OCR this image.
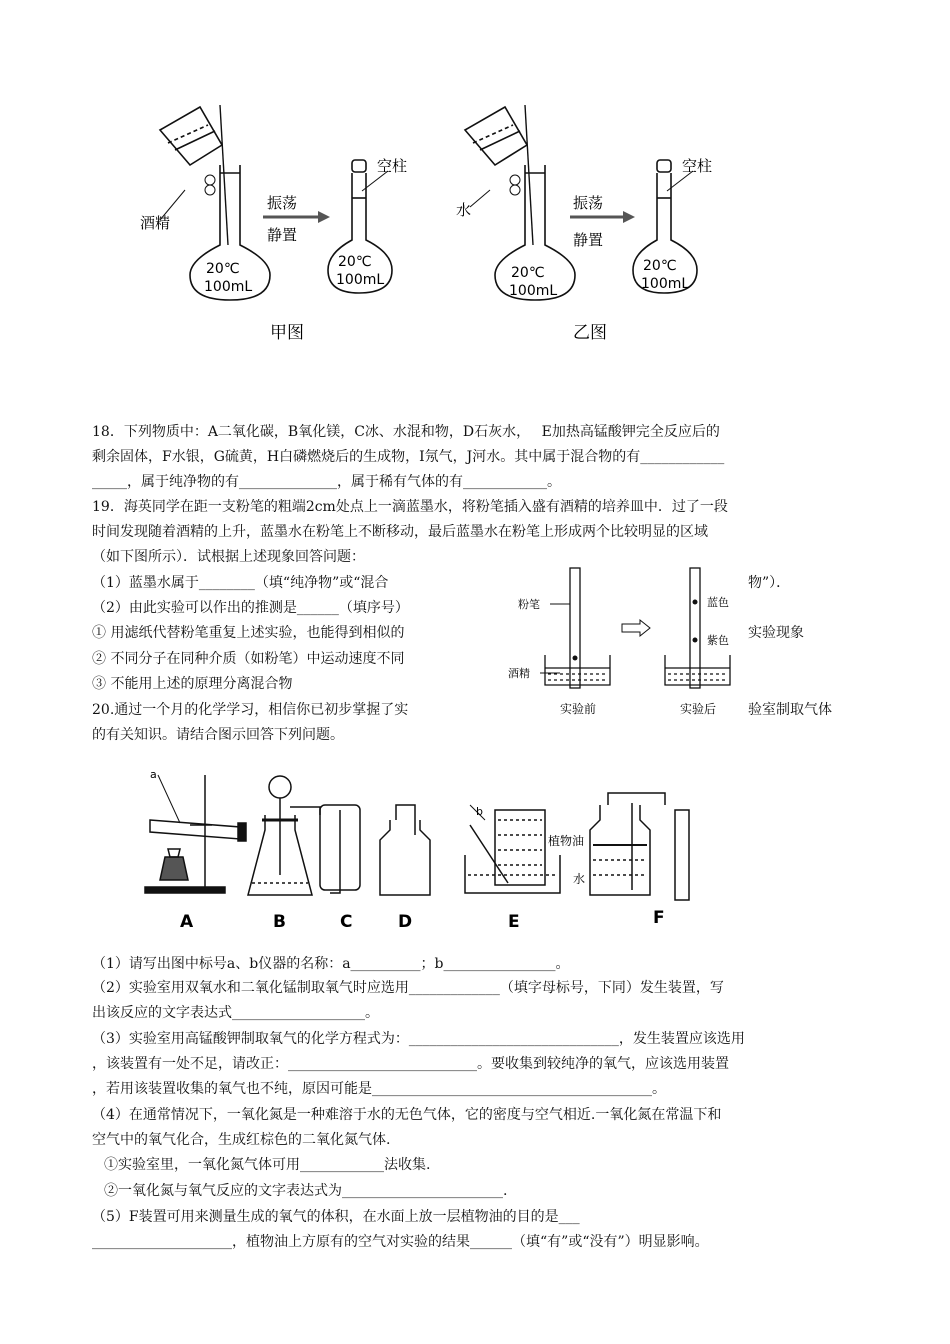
酒精
20℃
100mL
振荡
静置
空柱
20℃
100mL
甲图
水
20℃
100mL
振荡
静置
空柱
20℃
100mL
乙图
18．下列物质中：A二氧化碳，B氧化镁，C冰、水混和物，D石灰水，　 E加热高锰酸钾完全反应后的
剩余固体，F水银，G硫黄，H白磷燃烧后的生成物，I氖气，J河水。其中属于混合物的有____________
_____，属于纯净物的有______________，属于稀有气体的有____________。
19．海英同学在距一支粉笔的粗端2cm处点上一滴蓝墨水，将粉笔插入盛有酒精的培养皿中．过了一段
时间发现随着酒精的上升，蓝墨水在粉笔上不断移动，最后蓝墨水在粉笔上形成两个比较明显的区域
（如下图所示）．试根据上述现象回答问题：
（1）蓝墨水属于________（填“纯净物”或“混合	物”）．
（2）由此实验可以作出的推测是______（填序号）
① 用滤纸代替粉笔重复上述实验，也能得到相似的	实验现象
② 不同分子在同种介质（如粉笔）中运动速度不同
③ 不能用上述的原理分离混合物
粉笔
酒精
实验前
蓝色
紫色
实验后
20.通过一个月的化学学习，相信你已初步掌握了实	验室制取气体
的有关知识。请结合图示回答下列问题。
a
b
植物油
水
A	B	C	D	E	F
（1）请写出图中标号a、b仪器的名称：a__________；b________________。
（2）实验室用双氧水和二氧化锰制取氧气时应选用_____________（填字母标号，下同）发生装置，写
出该反应的文字表达式___________________。
（3）实验室用高锰酸钾制取氧气的化学方程式为：______________________________，发生装置应该选用
，该装置有一处不足，请改正：___________________________。要收集到较纯净的氧气，应该选用装置
，若用该装置收集的氧气也不纯，原因可能是________________________________________。
（4）在通常情况下，一氧化氮是一种难溶于水的无色气体，它的密度与空气相近.一氧化氮在常温下和
空气中的氧气化合，生成红棕色的二氧化氮气体.
①实验室里，一氧化氮气体可用____________法收集.
②一氧化氮与氧气反应的文字表达式为_______________________.
（5）F装置可用来测量生成的氧气的体积，在水面上放一层植物油的目的是___
____________________，植物油上方原有的空气对实验的结果______（填“有”或“没有”）明显影响。
